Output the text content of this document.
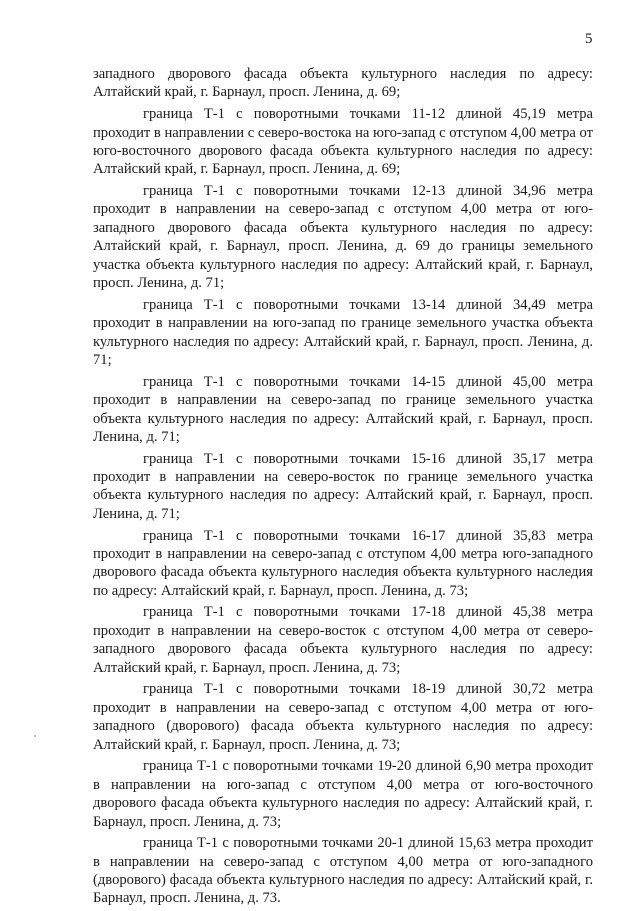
5

западного дворового фасада объекта культурного наследия по адресу: Алтайский край, г. Барнаул, просп. Ленина, д. 69;

граница Т-1 с поворотными точками 11-12 длиной 45,19 метра проходит в направлении с северо-востока на юго-запад с отступом 4,00 метра от юго-восточного дворового фасада объекта культурного наследия по адресу: Алтайский край, г. Барнаул, просп. Ленина, д. 69;

граница Т-1 с поворотными точками 12-13 длиной 34,96 метра проходит в направлении на северо-запад с отступом 4,00 метра от юго-западного дворового фасада объекта культурного наследия по адресу: Алтайский край, г. Барнаул, просп. Ленина, д. 69 до границы земельного участка объекта культурного наследия по адресу: Алтайский край, г. Барнаул, просп. Ленина, д. 71;

граница Т-1 с поворотными точками 13-14 длиной 34,49 метра проходит в направлении на юго-запад по границе земельного участка объекта культурного наследия по адресу: Алтайский край, г. Барнаул, просп. Ленина, д. 71;

граница Т-1 с поворотными точками 14-15 длиной 45,00 метра проходит в направлении на северо-запад по границе земельного участка объекта культурного наследия по адресу: Алтайский край, г. Барнаул, просп. Ленина, д. 71;

граница Т-1 с поворотными точками 15-16 длиной 35,17 метра проходит в направлении на северо-восток по границе земельного участка объекта культурного наследия по адресу: Алтайский край, г. Барнаул, просп. Ленина, д. 71;

граница Т-1 с поворотными точками 16-17 длиной 35,83 метра проходит в направлении на северо-запад с отступом 4,00 метра юго-западного дворового фасада объекта культурного наследия объекта культурного наследия по адресу: Алтайский край, г. Барнаул, просп. Ленина, д. 73;

граница Т-1 с поворотными точками 17-18 длиной 45,38 метра проходит в направлении на северо-восток с отступом 4,00 метра от северо-западного дворового фасада объекта культурного наследия по адресу: Алтайский край, г. Барнаул, просп. Ленина, д. 73;

граница Т-1 с поворотными точками 18-19 длиной 30,72 метра проходит в направлении на северо-запад с отступом 4,00 метра от юго-западного (дворового) фасада объекта культурного наследия по адресу: Алтайский край, г. Барнаул, просп. Ленина, д. 73;

граница Т-1 с поворотными точками 19-20 длиной 6,90 метра проходит в направлении на юго-запад с отступом 4,00 метра от юго-восточного дворового фасада объекта культурного наследия по адресу: Алтайский край, г. Барнаул, просп. Ленина, д. 73;

граница Т-1 с поворотными точками 20-1 длиной 15,63 метра проходит в направлении на северо-запад с отступом 4,00 метра от юго-западного (дворового) фасада объекта культурного наследия по адресу: Алтайский край, г. Барнаул, просп. Ленина, д. 73.
